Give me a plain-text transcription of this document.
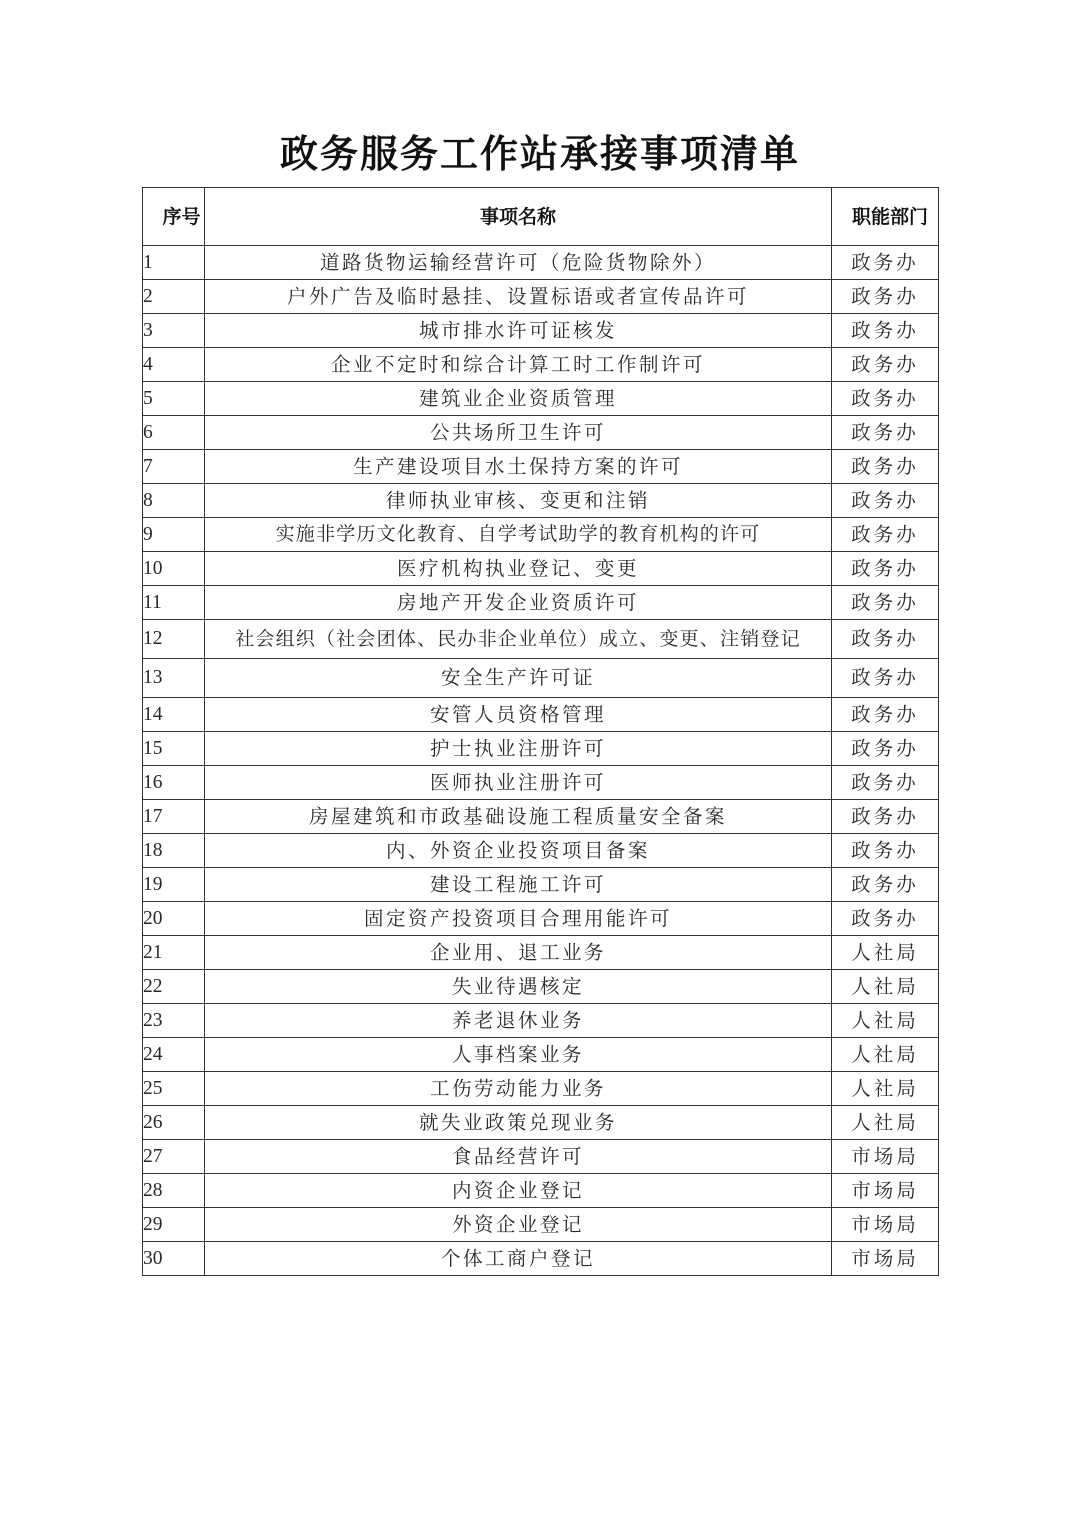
政务服务工作站承接事项清单
序号	事项名称	职能部门

1	道路货物运输经营许可（危险货物除外）	政务办
2	户外广告及临时悬挂、设置标语或者宣传品许可	政务办
3	城市排水许可证核发	政务办
4	企业不定时和综合计算工时工作制许可	政务办
5	建筑业企业资质管理	政务办
6	公共场所卫生许可	政务办
7	生产建设项目水土保持方案的许可	政务办
8	律师执业审核、变更和注销	政务办
9	实施非学历文化教育、自学考试助学的教育机构的许可	政务办
10	医疗机构执业登记、变更	政务办
11	房地产开发企业资质许可	政务办
12	社会组织（社会团体、民办非企业单位）成立、变更、注销登记	政务办
13	安全生产许可证	政务办
14	安管人员资格管理	政务办
15	护士执业注册许可	政务办
16	医师执业注册许可	政务办
17	房屋建筑和市政基础设施工程质量安全备案	政务办
18	内、外资企业投资项目备案	政务办
19	建设工程施工许可	政务办
20	固定资产投资项目合理用能许可	政务办
21	企业用、退工业务	人社局
22	失业待遇核定	人社局
23	养老退休业务	人社局
24	人事档案业务	人社局
25	工伤劳动能力业务	人社局
26	就失业政策兑现业务	人社局
27	食品经营许可	市场局
28	内资企业登记	市场局
29	外资企业登记	市场局
30	个体工商户登记	市场局
